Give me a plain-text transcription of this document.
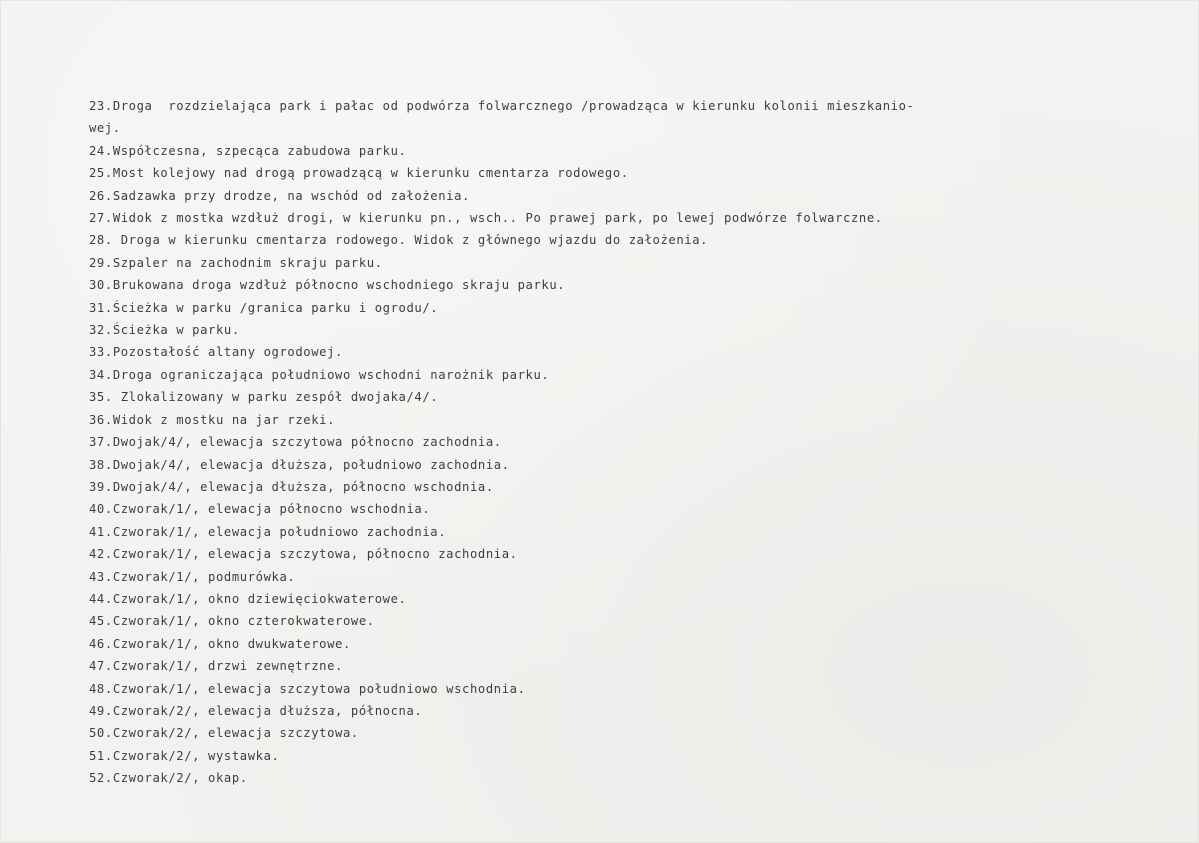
23.Droga  rozdzielająca park i pałac od podwórza folwarcznego /prowadząca w kierunku kolonii mieszkanio-
wej.
24.Współczesna, szpecąca zabudowa parku.
25.Most kolejowy nad drogą prowadzącą w kierunku cmentarza rodowego.
26.Sadzawka przy drodze, na wschód od założenia.
27.Widok z mostka wzdłuż drogi, w kierunku pn., wsch.. Po prawej park, po lewej podwórze folwarczne.
28. Droga w kierunku cmentarza rodowego. Widok z głównego wjazdu do założenia.
29.Szpaler na zachodnim skraju parku.
30.Brukowana droga wzdłuż północno wschodniego skraju parku.
31.Ścieżka w parku /granica parku i ogrodu/.
32.Ścieżka w parku.
33.Pozostałość altany ogrodowej.
34.Droga ograniczająca południowo wschodni narożnik parku.
35. Zlokalizowany w parku zespół dwojaka/4/.
36.Widok z mostku na jar rzeki.
37.Dwojak/4/, elewacja szczytowa północno zachodnia.
38.Dwojak/4/, elewacja dłuższa, południowo zachodnia.
39.Dwojak/4/, elewacja dłuższa, północno wschodnia.
40.Czworak/1/, elewacja północno wschodnia.
41.Czworak/1/, elewacja południowo zachodnia.
42.Czworak/1/, elewacja szczytowa, północno zachodnia.
43.Czworak/1/, podmurówka.
44.Czworak/1/, okno dziewięciokwaterowe.
45.Czworak/1/, okno czterokwaterowe.
46.Czworak/1/, okno dwukwaterowe.
47.Czworak/1/, drzwi zewnętrzne.
48.Czworak/1/, elewacja szczytowa południowo wschodnia.
49.Czworak/2/, elewacja dłuższa, północna.
50.Czworak/2/, elewacja szczytowa.
51.Czworak/2/, wystawka.
52.Czworak/2/, okap.
